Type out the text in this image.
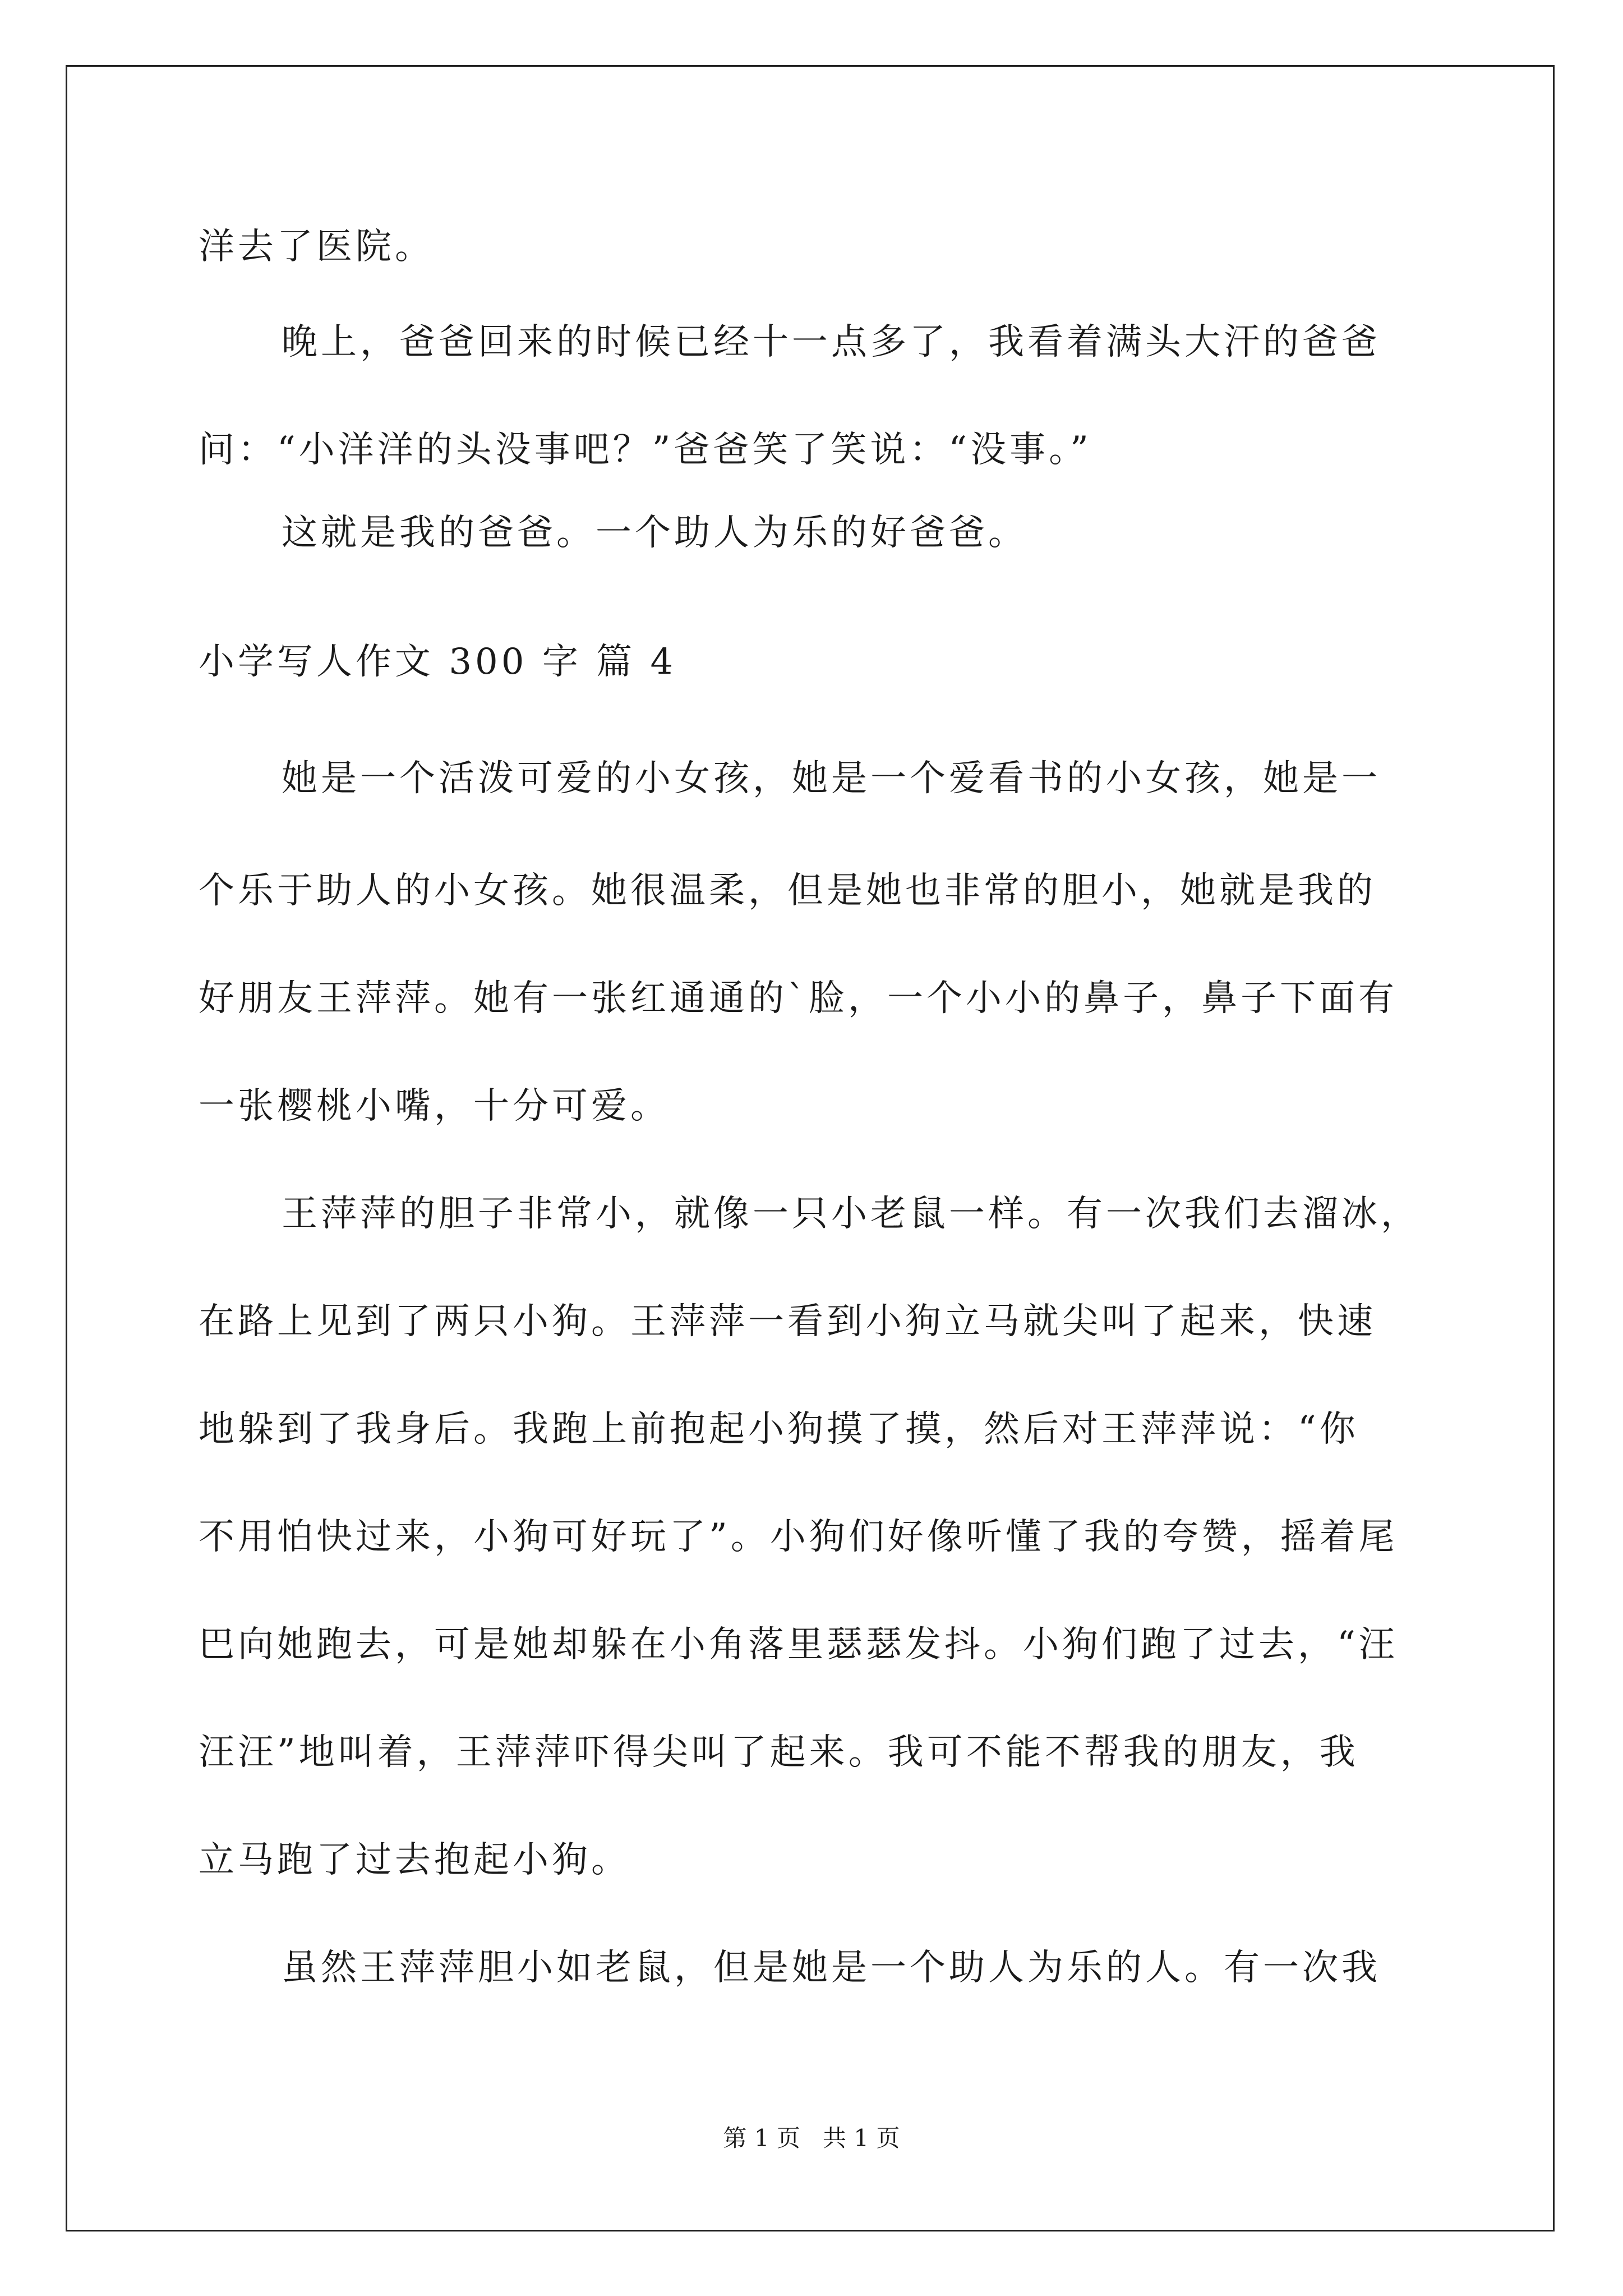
洋去了医院。
晚上，爸爸回来的时候已经十一点多了，我看着满头大汗的爸爸
问：“小洋洋的头没事吧？”爸爸笑了笑说：“没事。”
这就是我的爸爸。一个助人为乐的好爸爸。
小学写人作文 300 字 篇 4
她是一个活泼可爱的小女孩，她是一个爱看书的小女孩，她是一
个乐于助人的小女孩。她很温柔，但是她也非常的胆小，她就是我的
好朋友王萍萍。她有一张红通通的`脸，一个小小的鼻子，鼻子下面有
一张樱桃小嘴，十分可爱。
王萍萍的胆子非常小，就像一只小老鼠一样。有一次我们去溜冰，
在路上见到了两只小狗。王萍萍一看到小狗立马就尖叫了起来，快速
地躲到了我身后。我跑上前抱起小狗摸了摸，然后对王萍萍说：“你
不用怕快过来，小狗可好玩了”。小狗们好像听懂了我的夸赞，摇着尾
巴向她跑去，可是她却躲在小角落里瑟瑟发抖。小狗们跑了过去，“汪
汪汪”地叫着，王萍萍吓得尖叫了起来。我可不能不帮我的朋友，我
立马跑了过去抱起小狗。
虽然王萍萍胆小如老鼠，但是她是一个助人为乐的人。有一次我
第 1 页   共 1 页
